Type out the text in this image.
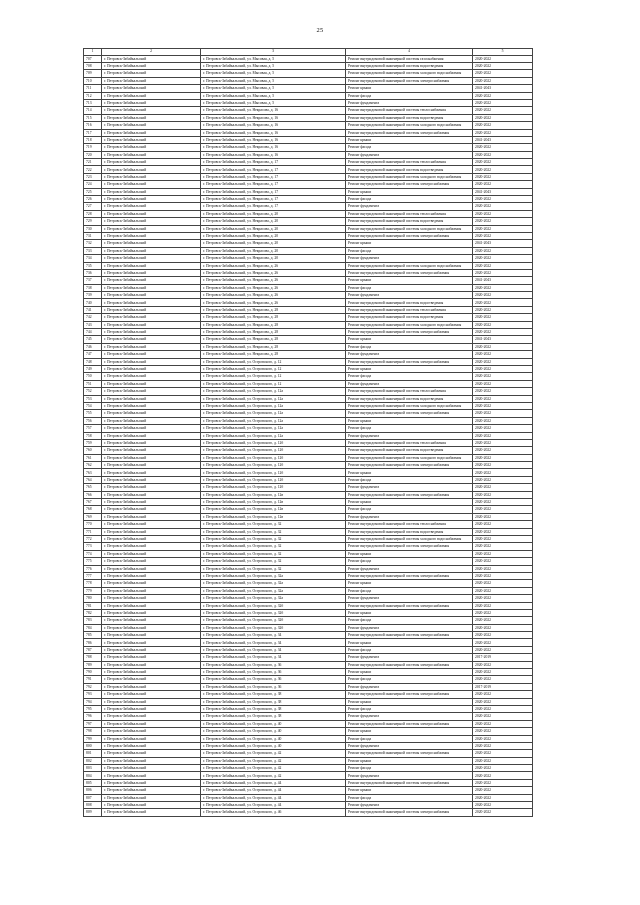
25
1	2	3	4	5
707	г. Петровск-Забайкальский	г. Петровск-Забайкальский, ул. Мысовая, д. 5	Ремонт внутридомовой инженерной системы газоснабжения	2020-2022
708	г. Петровск-Забайкальский	г. Петровск-Забайкальский, ул. Мысовая, д. 5	Ремонт внутридомовой инженерной системы водоотведения	2020-2022
709	г. Петровск-Забайкальский	г. Петровск-Забайкальский, ул. Мысовая, д. 5	Ремонт внутридомовой инженерной системы холодного водоснабжения	2020-2022
710	г. Петровск-Забайкальский	г. Петровск-Забайкальский, ул. Мысовая, д. 5	Ремонт внутридомовой инженерной системы электроснабжения	2020-2022
711	г. Петровск-Забайкальский	г. Петровск-Забайкальский, ул. Мысовая, д. 5	Ремонт крыши	2041-2043
712	г. Петровск-Забайкальский	г. Петровск-Забайкальский, ул. Мысовая, д. 5	Ремонт фасада	2020-2022
713	г. Петровск-Забайкальский	г. Петровск-Забайкальский, ул. Мысовая, д. 5	Ремонт фундамента	2020-2022
714	г. Петровск-Забайкальский	г. Петровск-Забайкальский, ул. Некрасова, д. 16	Ремонт внутридомовой инженерной системы теплоснабжения	2020-2022
715	г. Петровск-Забайкальский	г. Петровск-Забайкальский, ул. Некрасова, д. 16	Ремонт внутридомовой инженерной системы водоотведения	2020-2022
716	г. Петровск-Забайкальский	г. Петровск-Забайкальский, ул. Некрасова, д. 16	Ремонт внутридомовой инженерной системы холодного водоснабжения	2020-2022
717	г. Петровск-Забайкальский	г. Петровск-Забайкальский, ул. Некрасова, д. 16	Ремонт внутридомовой инженерной системы электроснабжения	2020-2022
718	г. Петровск-Забайкальский	г. Петровск-Забайкальский, ул. Некрасова, д. 16	Ремонт крыши	2041-2043
719	г. Петровск-Забайкальский	г. Петровск-Забайкальский, ул. Некрасова, д. 16	Ремонт фасада	2020-2022
720	г. Петровск-Забайкальский	г. Петровск-Забайкальский, ул. Некрасова, д. 16	Ремонт фундамента	2020-2022
721	г. Петровск-Забайкальский	г. Петровск-Забайкальский, ул. Некрасова, д. 17	Ремонт внутридомовой инженерной системы теплоснабжения	2020-2022
722	г. Петровск-Забайкальский	г. Петровск-Забайкальский, ул. Некрасова, д. 17	Ремонт внутридомовой инженерной системы водоотведения	2020-2022
723	г. Петровск-Забайкальский	г. Петровск-Забайкальский, ул. Некрасова, д. 17	Ремонт внутридомовой инженерной системы холодного водоснабжения	2020-2022
724	г. Петровск-Забайкальский	г. Петровск-Забайкальский, ул. Некрасова, д. 17	Ремонт внутридомовой инженерной системы электроснабжения	2020-2022
725	г. Петровск-Забайкальский	г. Петровск-Забайкальский, ул. Некрасова, д. 17	Ремонт крыши	2041-2043
726	г. Петровск-Забайкальский	г. Петровск-Забайкальский, ул. Некрасова, д. 17	Ремонт фасада	2020-2022
727	г. Петровск-Забайкальский	г. Петровск-Забайкальский, ул. Некрасова, д. 17	Ремонт фундамента	2020-2022
728	г. Петровск-Забайкальский	г. Петровск-Забайкальский, ул. Некрасова, д. 20	Ремонт внутридомовой инженерной системы теплоснабжения	2020-2022
729	г. Петровск-Забайкальский	г. Петровск-Забайкальский, ул. Некрасова, д. 20	Ремонт внутридомовой инженерной системы водоотведения	2020-2022
730	г. Петровск-Забайкальский	г. Петровск-Забайкальский, ул. Некрасова, д. 20	Ремонт внутридомовой инженерной системы холодного водоснабжения	2020-2022
731	г. Петровск-Забайкальский	г. Петровск-Забайкальский, ул. Некрасова, д. 20	Ремонт внутридомовой инженерной системы электроснабжения	2020-2022
732	г. Петровск-Забайкальский	г. Петровск-Забайкальский, ул. Некрасова, д. 20	Ремонт крыши	2041-2043
733	г. Петровск-Забайкальский	г. Петровск-Забайкальский, ул. Некрасова, д. 20	Ремонт фасада	2020-2022
734	г. Петровск-Забайкальский	г. Петровск-Забайкальский, ул. Некрасова, д. 20	Ремонт фундамента	2020-2022
735	г. Петровск-Забайкальский	г. Петровск-Забайкальский, ул. Некрасова, д. 26	Ремонт внутридомовой инженерной системы холодного водоснабжения	2020-2022
736	г. Петровск-Забайкальский	г. Петровск-Забайкальский, ул. Некрасова, д. 26	Ремонт внутридомовой инженерной системы электроснабжения	2020-2022
737	г. Петровск-Забайкальский	г. Петровск-Забайкальский, ул. Некрасова, д. 26	Ремонт крыши	2041-2043
738	г. Петровск-Забайкальский	г. Петровск-Забайкальский, ул. Некрасова, д. 26	Ремонт фасада	2020-2022
739	г. Петровск-Забайкальский	г. Петровск-Забайкальский, ул. Некрасова, д. 26	Ремонт фундамента	2020-2022
740	г. Петровск-Забайкальский	г. Петровск-Забайкальский, ул. Некрасова, д. 26	Ремонт внутридомовой инженерной системы водоотведения	2020-2022
741	г. Петровск-Забайкальский	г. Петровск-Забайкальский, ул. Некрасова, д. 28	Ремонт внутридомовой инженерной системы теплоснабжения	2020-2022
742	г. Петровск-Забайкальский	г. Петровск-Забайкальский, ул. Некрасова, д. 28	Ремонт внутридомовой инженерной системы водоотведения	2020-2022
743	г. Петровск-Забайкальский	г. Петровск-Забайкальский, ул. Некрасова, д. 28	Ремонт внутридомовой инженерной системы холодного водоснабжения	2020-2022
744	г. Петровск-Забайкальский	г. Петровск-Забайкальский, ул. Некрасова, д. 28	Ремонт внутридомовой инженерной системы электроснабжения	2020-2022
745	г. Петровск-Забайкальский	г. Петровск-Забайкальский, ул. Некрасова, д. 28	Ремонт крыши	2041-2043
746	г. Петровск-Забайкальский	г. Петровск-Забайкальский, ул. Некрасова, д. 28	Ремонт фасада	2020-2022
747	г. Петровск-Забайкальский	г. Петровск-Забайкальский, ул. Некрасова, д. 28	Ремонт фундамента	2020-2022
748	г. Петровск-Забайкальский	г. Петровск-Забайкальский, ул. Островского, д. 12	Ремонт внутридомовой инженерной системы электроснабжения	2020-2022
749	г. Петровск-Забайкальский	г. Петровск-Забайкальский, ул. Островского, д. 12	Ремонт крыши	2020-2022
750	г. Петровск-Забайкальский	г. Петровск-Забайкальский, ул. Островского, д. 12	Ремонт фасада	2020-2022
751	г. Петровск-Забайкальский	г. Петровск-Забайкальский, ул. Островского, д. 12	Ремонт фундамента	2020-2022
752	г. Петровск-Забайкальский	г. Петровск-Забайкальский, ул. Островского, д. 12а	Ремонт внутридомовой инженерной системы теплоснабжения	2020-2022
753	г. Петровск-Забайкальский	г. Петровск-Забайкальский, ул. Островского, д. 12а	Ремонт внутридомовой инженерной системы водоотведения	2020-2022
754	г. Петровск-Забайкальский	г. Петровск-Забайкальский, ул. Островского, д. 12а	Ремонт внутридомовой инженерной системы холодного водоснабжения	2020-2022
755	г. Петровск-Забайкальский	г. Петровск-Забайкальский, ул. Островского, д. 12а	Ремонт внутридомовой инженерной системы электроснабжения	2020-2022
756	г. Петровск-Забайкальский	г. Петровск-Забайкальский, ул. Островского, д. 12а	Ремонт крыши	2020-2022
757	г. Петровск-Забайкальский	г. Петровск-Забайкальский, ул. Островского, д. 12а	Ремонт фасада	2020-2022
758	г. Петровск-Забайкальский	г. Петровск-Забайкальский, ул. Островского, д. 12а	Ремонт фундамента	2020-2022
759	г. Петровск-Забайкальский	г. Петровск-Забайкальский, ул. Островского, д. 12б	Ремонт внутридомовой инженерной системы теплоснабжения	2020-2022
760	г. Петровск-Забайкальский	г. Петровск-Забайкальский, ул. Островского, д. 12б	Ремонт внутридомовой инженерной системы водоотведения	2020-2022
761	г. Петровск-Забайкальский	г. Петровск-Забайкальский, ул. Островского, д. 12б	Ремонт внутридомовой инженерной системы холодного водоснабжения	2020-2022
762	г. Петровск-Забайкальский	г. Петровск-Забайкальский, ул. Островского, д. 12б	Ремонт внутридомовой инженерной системы электроснабжения	2020-2022
763	г. Петровск-Забайкальский	г. Петровск-Забайкальский, ул. Островского, д. 12б	Ремонт крыши	2020-2022
764	г. Петровск-Забайкальский	г. Петровск-Забайкальский, ул. Островского, д. 12б	Ремонт фасада	2020-2022
765	г. Петровск-Забайкальский	г. Петровск-Забайкальский, ул. Островского, д. 12б	Ремонт фундамента	2020-2022
766	г. Петровск-Забайкальский	г. Петровск-Забайкальский, ул. Островского, д. 12в	Ремонт внутридомовой инженерной системы электроснабжения	2020-2022
767	г. Петровск-Забайкальский	г. Петровск-Забайкальский, ул. Островского, д. 12в	Ремонт крыши	2020-2022
768	г. Петровск-Забайкальский	г. Петровск-Забайкальский, ул. Островского, д. 12в	Ремонт фасада	2020-2022
769	г. Петровск-Забайкальский	г. Петровск-Забайкальский, ул. Островского, д. 12в	Ремонт фундамента	2020-2022
770	г. Петровск-Забайкальский	г. Петровск-Забайкальский, ул. Островского, д. 32	Ремонт внутридомовой инженерной системы теплоснабжения	2020-2022
771	г. Петровск-Забайкальский	г. Петровск-Забайкальский, ул. Островского, д. 32	Ремонт внутридомовой инженерной системы водоотведения	2020-2022
772	г. Петровск-Забайкальский	г. Петровск-Забайкальский, ул. Островского, д. 32	Ремонт внутридомовой инженерной системы холодного водоснабжения	2020-2022
773	г. Петровск-Забайкальский	г. Петровск-Забайкальский, ул. Островского, д. 32	Ремонт внутридомовой инженерной системы электроснабжения	2020-2022
774	г. Петровск-Забайкальский	г. Петровск-Забайкальский, ул. Островского, д. 32	Ремонт крыши	2020-2022
775	г. Петровск-Забайкальский	г. Петровск-Забайкальский, ул. Островского, д. 32	Ремонт фасада	2020-2022
776	г. Петровск-Забайкальский	г. Петровск-Забайкальский, ул. Островского, д. 32	Ремонт фундамента	2020-2022
777	г. Петровск-Забайкальский	г. Петровск-Забайкальский, ул. Островского, д. 32а	Ремонт внутридомовой инженерной системы электроснабжения	2020-2022
778	г. Петровск-Забайкальский	г. Петровск-Забайкальский, ул. Островского, д. 32а	Ремонт крыши	2020-2022
779	г. Петровск-Забайкальский	г. Петровск-Забайкальский, ул. Островского, д. 32а	Ремонт фасада	2020-2022
780	г. Петровск-Забайкальский	г. Петровск-Забайкальский, ул. Островского, д. 32а	Ремонт фундамента	2020-2022
781	г. Петровск-Забайкальский	г. Петровск-Забайкальский, ул. Островского, д. 32б	Ремонт внутридомовой инженерной системы электроснабжения	2020-2022
782	г. Петровск-Забайкальский	г. Петровск-Забайкальский, ул. Островского, д. 32б	Ремонт крыши	2020-2022
783	г. Петровск-Забайкальский	г. Петровск-Забайкальский, ул. Островского, д. 32б	Ремонт фасада	2020-2022
784	г. Петровск-Забайкальский	г. Петровск-Забайкальский, ул. Островского, д. 32б	Ремонт фундамента	2020-2022
785	г. Петровск-Забайкальский	г. Петровск-Забайкальский, ул. Островского, д. 34	Ремонт внутридомовой инженерной системы электроснабжения	2020-2022
786	г. Петровск-Забайкальский	г. Петровск-Забайкальский, ул. Островского, д. 34	Ремонт крыши	2020-2022
787	г. Петровск-Забайкальский	г. Петровск-Забайкальский, ул. Островского, д. 34	Ремонт фасада	2020-2022
788	г. Петровск-Забайкальский	г. Петровск-Забайкальский, ул. Островского, д. 34	Ремонт фундамента	2017-2019
789	г. Петровск-Забайкальский	г. Петровск-Забайкальский, ул. Островского, д. 36	Ремонт внутридомовой инженерной системы электроснабжения	2020-2022
790	г. Петровск-Забайкальский	г. Петровск-Забайкальский, ул. Островского, д. 36	Ремонт крыши	2020-2022
791	г. Петровск-Забайкальский	г. Петровск-Забайкальский, ул. Островского, д. 36	Ремонт фасада	2020-2022
792	г. Петровск-Забайкальский	г. Петровск-Забайкальский, ул. Островского, д. 36	Ремонт фундамента	2017-2019
793	г. Петровск-Забайкальский	г. Петровск-Забайкальский, ул. Островского, д. 38	Ремонт внутридомовой инженерной системы электроснабжения	2020-2022
794	г. Петровск-Забайкальский	г. Петровск-Забайкальский, ул. Островского, д. 38	Ремонт крыши	2020-2022
795	г. Петровск-Забайкальский	г. Петровск-Забайкальский, ул. Островского, д. 38	Ремонт фасада	2020-2022
796	г. Петровск-Забайкальский	г. Петровск-Забайкальский, ул. Островского, д. 38	Ремонт фундамента	2020-2022
797	г. Петровск-Забайкальский	г. Петровск-Забайкальский, ул. Островского, д. 40	Ремонт внутридомовой инженерной системы электроснабжения	2020-2022
798	г. Петровск-Забайкальский	г. Петровск-Забайкальский, ул. Островского, д. 40	Ремонт крыши	2020-2022
799	г. Петровск-Забайкальский	г. Петровск-Забайкальский, ул. Островского, д. 40	Ремонт фасада	2020-2022
800	г. Петровск-Забайкальский	г. Петровск-Забайкальский, ул. Островского, д. 40	Ремонт фундамента	2020-2022
801	г. Петровск-Забайкальский	г. Петровск-Забайкальский, ул. Островского, д. 42	Ремонт внутридомовой инженерной системы электроснабжения	2020-2022
802	г. Петровск-Забайкальский	г. Петровск-Забайкальский, ул. Островского, д. 42	Ремонт крыши	2020-2022
803	г. Петровск-Забайкальский	г. Петровск-Забайкальский, ул. Островского, д. 42	Ремонт фасада	2020-2022
804	г. Петровск-Забайкальский	г. Петровск-Забайкальский, ул. Островского, д. 42	Ремонт фундамента	2020-2022
805	г. Петровск-Забайкальский	г. Петровск-Забайкальский, ул. Островского, д. 44	Ремонт внутридомовой инженерной системы электроснабжения	2020-2022
806	г. Петровск-Забайкальский	г. Петровск-Забайкальский, ул. Островского, д. 44	Ремонт крыши	2020-2022
807	г. Петровск-Забайкальский	г. Петровск-Забайкальский, ул. Островского, д. 44	Ремонт фасада	2020-2022
808	г. Петровск-Забайкальский	г. Петровск-Забайкальский, ул. Островского, д. 44	Ремонт фундамента	2020-2022
809	г. Петровск-Забайкальский	г. Петровск-Забайкальский, ул. Островского, д. 46	Ремонт внутридомовой инженерной системы электроснабжения	2020-2022
